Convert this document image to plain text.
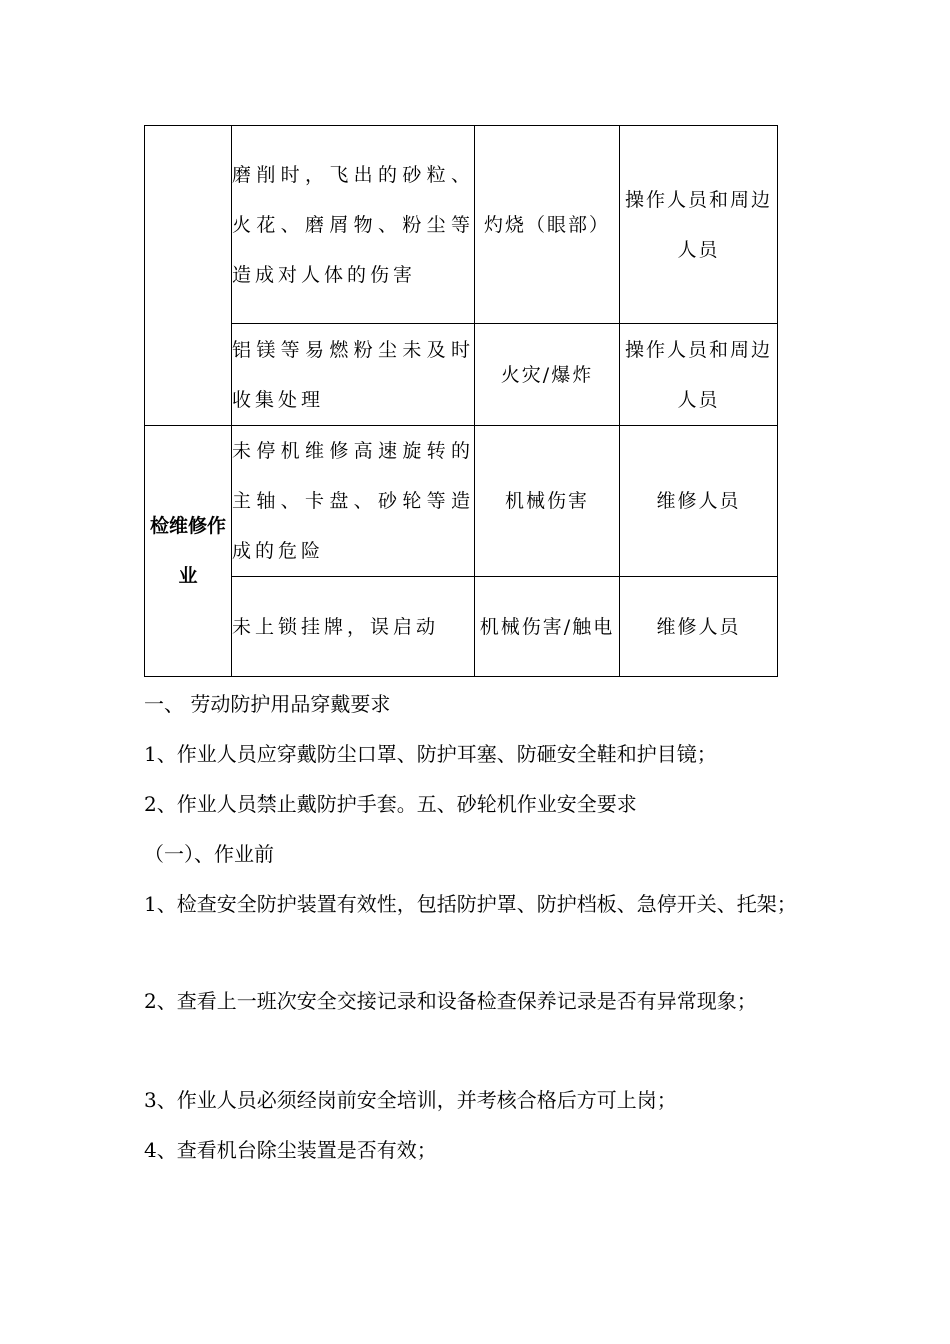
	磨削时，飞出的砂粒、火花、磨屑物、粉尘等造成对人体的伤害	灼烧（眼部）	操作人员和周边人员
	铝镁等易燃粉尘未及时收集处理	火灾/爆炸	操作人员和周边人员
检维修作业	未停机维修高速旋转的主轴、卡盘、砂轮等造成的危险	机械伤害	维修人员
	未上锁挂牌，误启动	机械伤害/触电	维修人员

一、 劳动防护用品穿戴要求

1、作业人员应穿戴防尘口罩、防护耳塞、防砸安全鞋和护目镜；

2、作业人员禁止戴防护手套。五、砂轮机作业安全要求

（一）、作业前

1、检查安全防护装置有效性，包括防护罩、防护档板、急停开关、托架；

2、查看上一班次安全交接记录和设备检查保养记录是否有异常现象；

3、作业人员必须经岗前安全培训，并考核合格后方可上岗；

4、查看机台除尘装置是否有效；
